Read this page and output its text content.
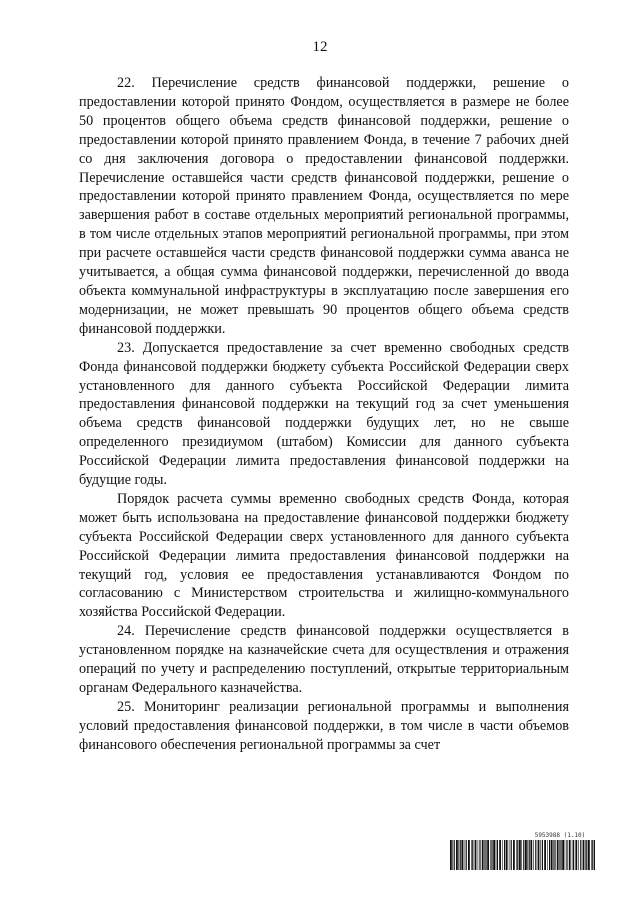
12

22. Перечисление средств финансовой поддержки, решение о предоставлении которой принято Фондом, осуществляется в размере не более 50 процентов общего объема средств финансовой поддержки, решение о предоставлении которой принято правлением Фонда, в течение 7 рабочих дней со дня заключения договора о предоставлении финансовой поддержки. Перечисление оставшейся части средств финансовой поддержки, решение о предоставлении которой принято правлением Фонда, осуществляется по мере завершения работ в составе отдельных мероприятий региональной программы, в том числе отдельных этапов мероприятий региональной программы, при этом при расчете оставшейся части средств финансовой поддержки сумма аванса не учитывается, а общая сумма финансовой поддержки, перечисленной до ввода объекта коммунальной инфраструктуры в эксплуатацию после завершения его модернизации, не может превышать 90 процентов общего объема средств финансовой поддержки.

23. Допускается предоставление за счет временно свободных средств Фонда финансовой поддержки бюджету субъекта Российской Федерации сверх установленного для данного субъекта Российской Федерации лимита предоставления финансовой поддержки на текущий год за счет уменьшения объема средств финансовой поддержки будущих лет, но не свыше определенного президиумом (штабом) Комиссии для данного субъекта Российской Федерации лимита предоставления финансовой поддержки на будущие годы.

Порядок расчета суммы временно свободных средств Фонда, которая может быть использована на предоставление финансовой поддержки бюджету субъекта Российской Федерации сверх установленного для данного субъекта Российской Федерации лимита предоставления финансовой поддержки на текущий год, условия ее предоставления устанавливаются Фондом по согласованию с Министерством строительства и жилищно-коммунального хозяйства Российской Федерации.

24. Перечисление средств финансовой поддержки осуществляется в установленном порядке на казначейские счета для осуществления и отражения операций по учету и распределению поступлений, открытые территориальным органам Федерального казначейства.

25. Мониторинг реализации региональной программы и выполнения условий предоставления финансовой поддержки, в том числе в части объемов финансового обеспечения региональной программы за счет

5953988 (1.10)
